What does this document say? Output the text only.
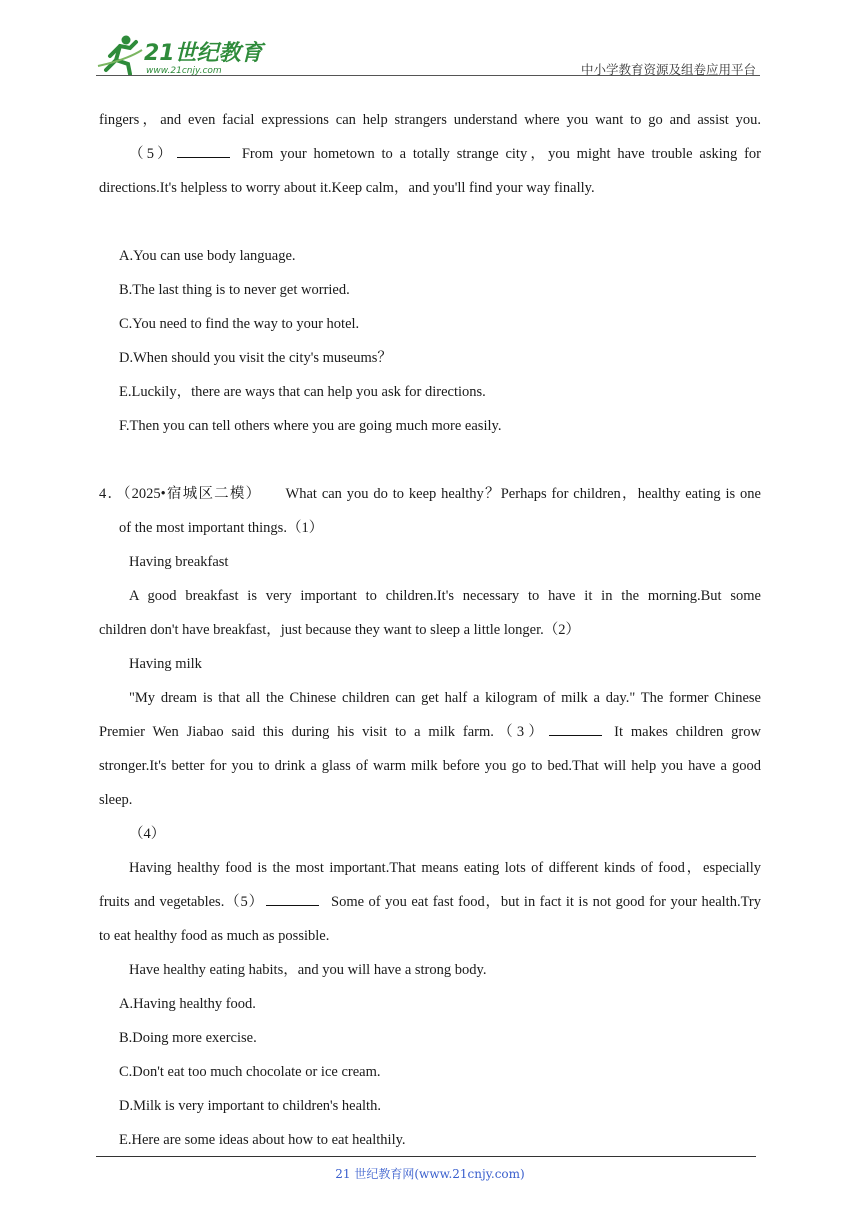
21世纪教育
www.21cnjy.com	中小学教育资源及组卷应用平台
fingers，and even facial expressions can help strangers understand where you want to go and assist you.
（5）	From your hometown to a totally strange city，you might have trouble asking for
directions.It's helpless to worry about it.Keep calm，and you'll find your way finally.
A.You can use body language.
B.The last thing is to never get worried.
C.You need to find the way to your hotel.
D.When should you visit the city's museums？
E.Luckily，there are ways that can help you ask for directions.
F.Then you can tell others where you are going much more easily.
4．（2025•宿城区二模）　　What can you do to keep healthy？Perhaps for children，healthy eating is one
of the most important things.（1）
Having breakfast
A good breakfast is very important to children.It's necessary to have it in the morning.But some
children don't have breakfast，just because they want to sleep a little longer.（2）
Having milk
"My dream is that all the Chinese children can get half a kilogram of milk a day." The former Chinese
Premier Wen Jiabao said this during his visit to a milk farm.（3）	It makes children grow
stronger.It's better for you to drink a glass of warm milk before you go to bed.That will help you have a good
sleep.
（4）
Having healthy food is the most important.That means eating lots of different kinds of food，especially
fruits and vegetables.（5）	Some of you eat fast food，but in fact it is not good for your health.Try
to eat healthy food as much as possible.
Have healthy eating habits，and you will have a strong body.
A.Having healthy food.
B.Doing more exercise.
C.Don't eat too much chocolate or ice cream.
D.Milk is very important to children's health.
E.Here are some ideas about how to eat healthily.
21 世纪教育网(www.21cnjy.com)
